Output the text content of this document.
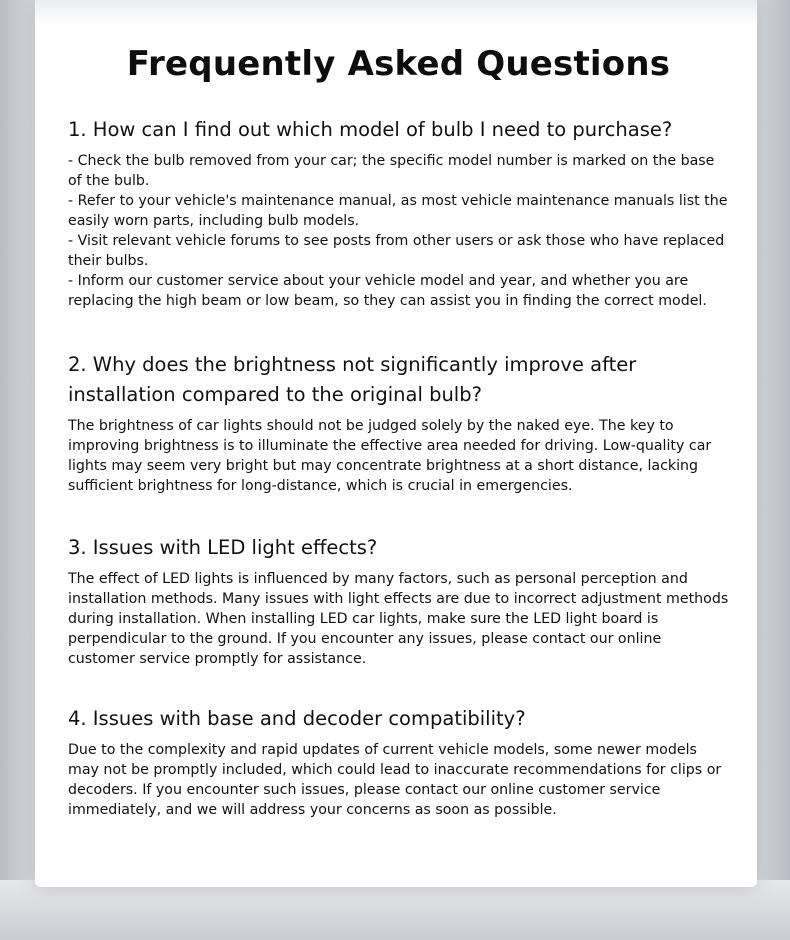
Frequently Asked Questions
1. How can I find out which model of bulb I need to purchase?
- Check the bulb removed from your car; the specific model number is marked on the base of the bulb.
- Refer to your vehicle's maintenance manual, as most vehicle maintenance manuals list the easily worn parts, including bulb models.
- Visit relevant vehicle forums to see posts from other users or ask those who have replaced their bulbs.
- Inform our customer service about your vehicle model and year, and whether you are replacing the high beam or low beam, so they can assist you in finding the correct model.
2. Why does the brightness not significantly improve after installation compared to the original bulb?
The brightness of car lights should not be judged solely by the naked eye. The key to improving brightness is to illuminate the effective area needed for driving. Low-quality car lights may seem very bright but may concentrate brightness at a short distance, lacking sufficient brightness for long-distance, which is crucial in emergencies.
3. Issues with LED light effects?
The effect of LED lights is influenced by many factors, such as personal perception and installation methods. Many issues with light effects are due to incorrect adjustment methods during installation. When installing LED car lights, make sure the LED light board is perpendicular to the ground. If you encounter any issues, please contact our online customer service promptly for assistance.
4. Issues with base and decoder compatibility?
Due to the complexity and rapid updates of current vehicle models, some newer models may not be promptly included, which could lead to inaccurate recommendations for clips or decoders. If you encounter such issues, please contact our online customer service immediately, and we will address your concerns as soon as possible.
